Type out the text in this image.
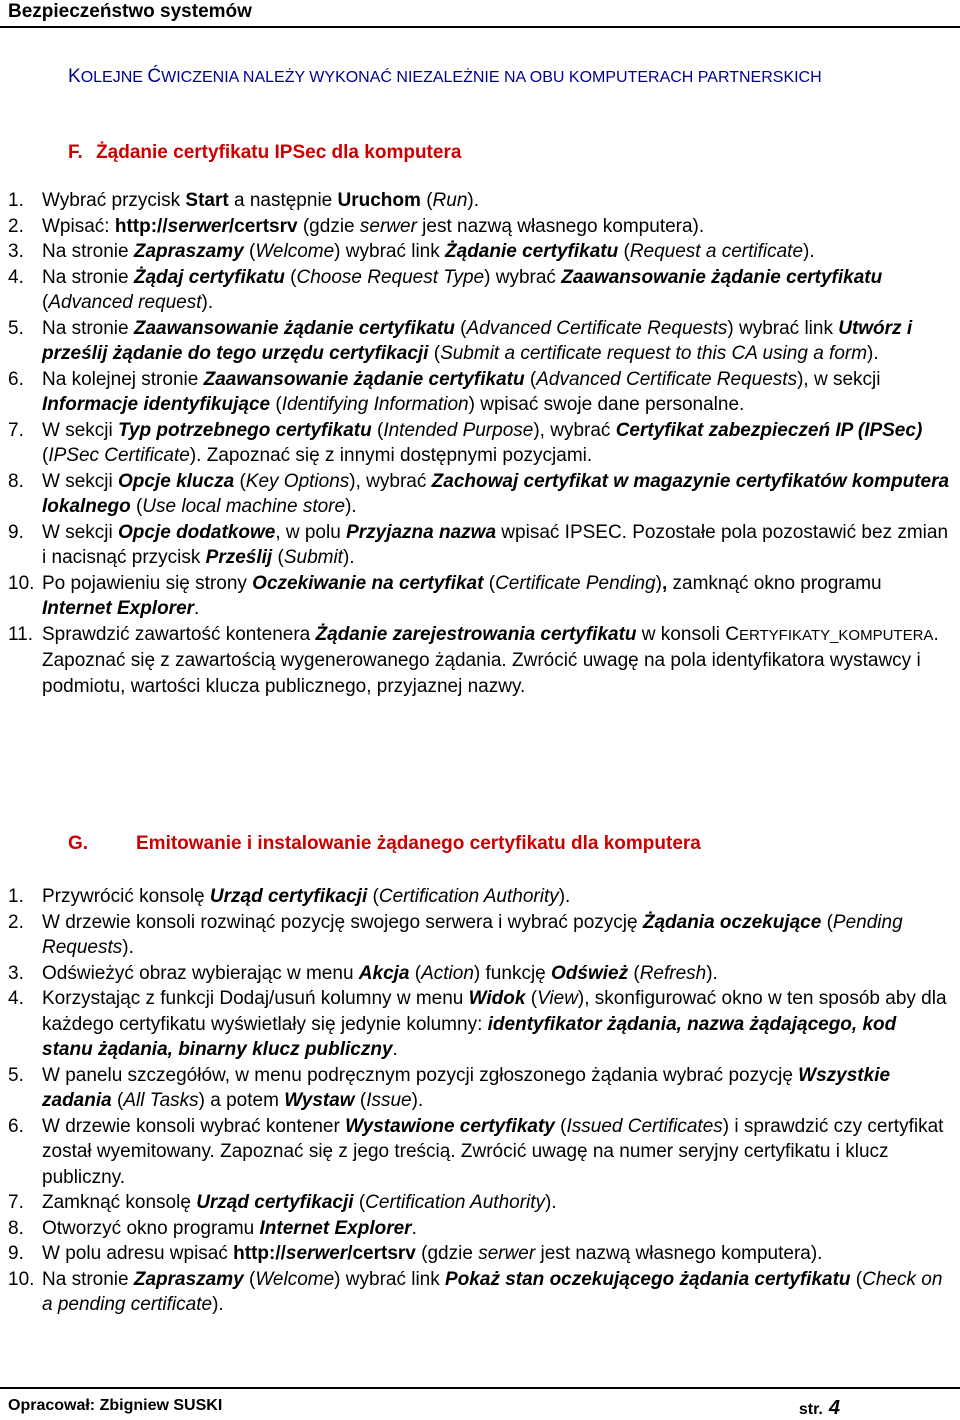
Bezpieczeństwo systemów
KOLEJNE ĆWICZENIA NALEŻY WYKONAĆ NIEZALEŻNIE NA OBU KOMPUTERACH PARTNERSKICH
F. Żądanie certyfikatu IPSec dla komputera
1. Wybrać przycisk Start a następnie Uruchom (Run).
2. Wpisać: http://serwer/certsrv (gdzie serwer jest nazwą własnego komputera).
3. Na stronie Zapraszamy (Welcome) wybrać link Żądanie certyfikatu (Request a certificate).
4. Na stronie Żądaj certyfikatu (Choose Request Type) wybrać Zaawansowanie żądanie certyfikatu (Advanced request).
5. Na stronie Zaawansowanie żądanie certyfikatu (Advanced Certificate Requests) wybrać link Utwórz i prześlij żądanie do tego urzędu certyfikacji (Submit a certificate request to this CA using a form).
6. Na kolejnej stronie Zaawansowanie żądanie certyfikatu (Advanced Certificate Requests), w sekcji Informacje identyfikujące (Identifying Information) wpisać swoje dane personalne.
7. W sekcji Typ potrzebnego certyfikatu (Intended Purpose), wybrać Certyfikat zabezpieczeń IP (IPSec) (IPSec Certificate). Zapoznać się z innymi dostępnymi pozycjami.
8. W sekcji Opcje klucza (Key Options), wybrać Zachowaj certyfikat w magazynie certyfikatów komputera lokalnego (Use local machine store).
9. W sekcji Opcje dodatkowe, w polu Przyjazna nazwa wpisać IPSEC. Pozostałe pola pozostawić bez zmian i nacisnąć przycisk Prześlij (Submit).
10. Po pojawieniu się strony Oczekiwanie na certyfikat (Certificate Pending), zamknąć okno programu Internet Explorer.
11. Sprawdzić zawartość kontenera Żądanie zarejestrowania certyfikatu w konsoli CERTYFIKATY_KOMPUTERA. Zapoznać się z zawartością wygenerowanego żądania. Zwrócić uwagę na pola identyfikatora wystawcy i podmiotu, wartości klucza publicznego, przyjaznej nazwy.
G.	Emitowanie i instalowanie żądanego certyfikatu dla komputera
1. Przywrócić konsolę Urząd certyfikacji (Certification Authority).
2. W drzewie konsoli rozwinąć pozycję swojego serwera i wybrać pozycję Żądania oczekujące (Pending Requests).
3. Odświeżyć obraz wybierając w menu Akcja (Action) funkcję Odśwież (Refresh).
4. Korzystając z funkcji Dodaj/usuń kolumny w menu Widok (View), skonfigurować okno w ten sposób aby dla każdego certyfikatu wyświetlały się jedynie kolumny: identyfikator żądania, nazwa żądającego, kod stanu żądania, binarny klucz publiczny.
5. W panelu szczegółów, w menu podręcznym pozycji zgłoszonego żądania wybrać pozycję Wszystkie zadania (All Tasks) a potem Wystaw (Issue).
6. W drzewie konsoli wybrać kontener Wystawione certyfikaty (Issued Certificates) i sprawdzić czy certyfikat został wyemitowany. Zapoznać się z jego treścią. Zwrócić uwagę na numer seryjny certyfikatu i klucz publiczny.
7. Zamknąć konsolę Urząd certyfikacji (Certification Authority).
8. Otworzyć okno programu Internet Explorer.
9. W polu adresu wpisać http://serwer/certsrv (gdzie serwer jest nazwą własnego komputera).
10. Na stronie Zapraszamy (Welcome) wybrać link Pokaż stan oczekującego żądania certyfikatu (Check on a pending certificate).
Opracował: Zbigniew SUSKI	str. 4
